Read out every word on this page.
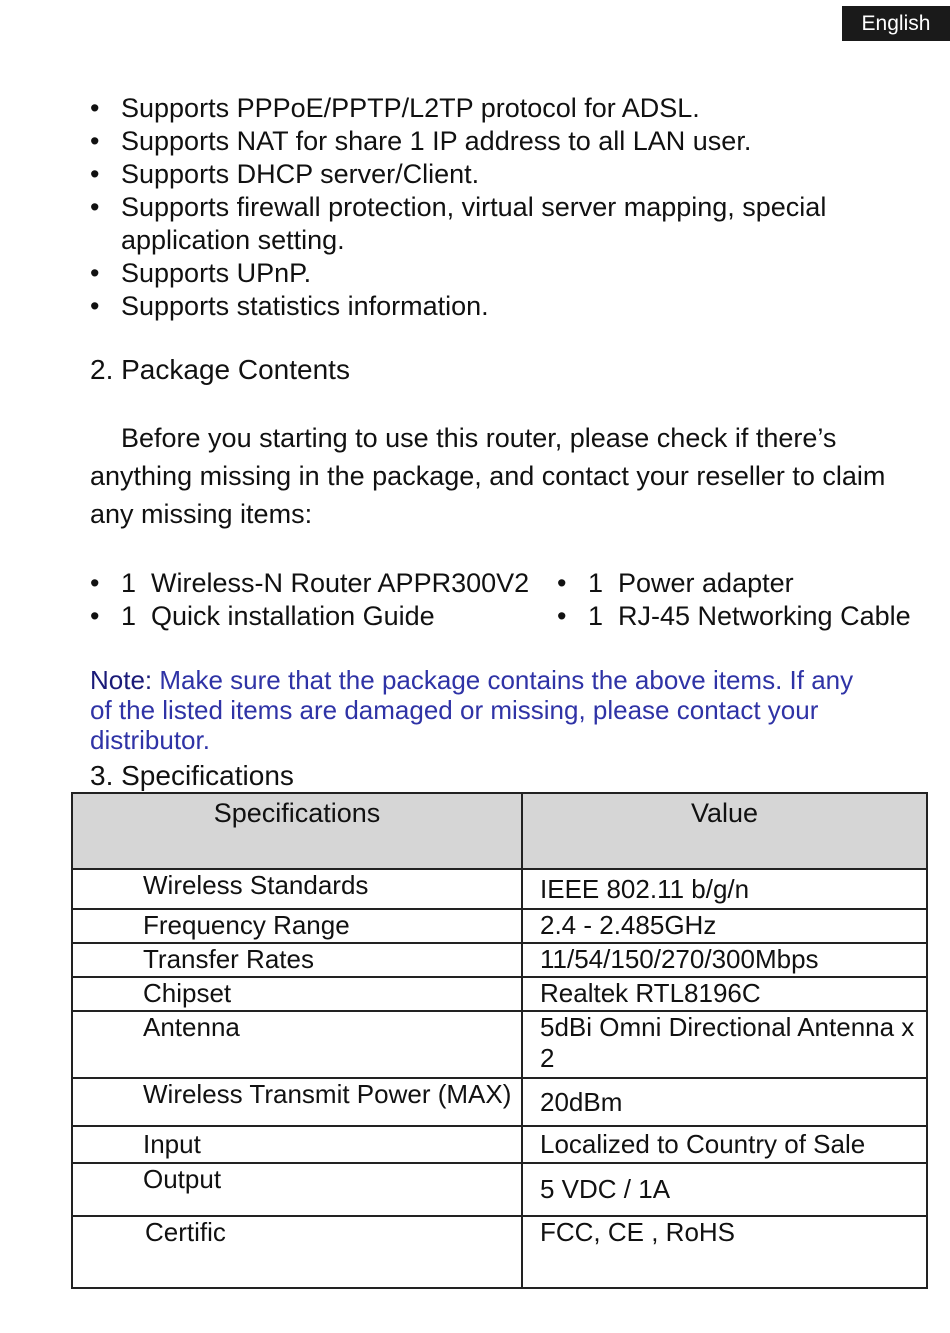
English
• Supports PPPoE/PPTP/L2TP protocol for ADSL.
• Supports NAT for share 1 IP address to all LAN user.
• Supports DHCP server/Client.
• Supports firewall protection, virtual server mapping, special application setting.
• Supports UPnP.
• Supports statistics information.
2. Package Contents

Before you starting to use this router, please check if there’s anything missing in the package, and contact your reseller to claim any missing items:

• 1 Wireless-N Router APPR300V2
• 1 Quick installation Guide
• 1 Power adapter
• 1 RJ-45 Networking Cable

Note: Make sure that the package contains the above items. If any of the listed items are damaged or missing, please contact your distributor.

3. Specifications
Specifications	Value
Wireless Standards	IEEE 802.11 b/g/n
Frequency Range	2.4 - 2.485GHz
Transfer Rates	11/54/150/270/300Mbps
Chipset	Realtek RTL8196C
Antenna	5dBi Omni Directional Antenna x 2
Wireless Transmit Power (MAX)	20dBm
Input	Localized to Country of Sale
Output	5 VDC / 1A
Certific	FCC, CE , RoHS
